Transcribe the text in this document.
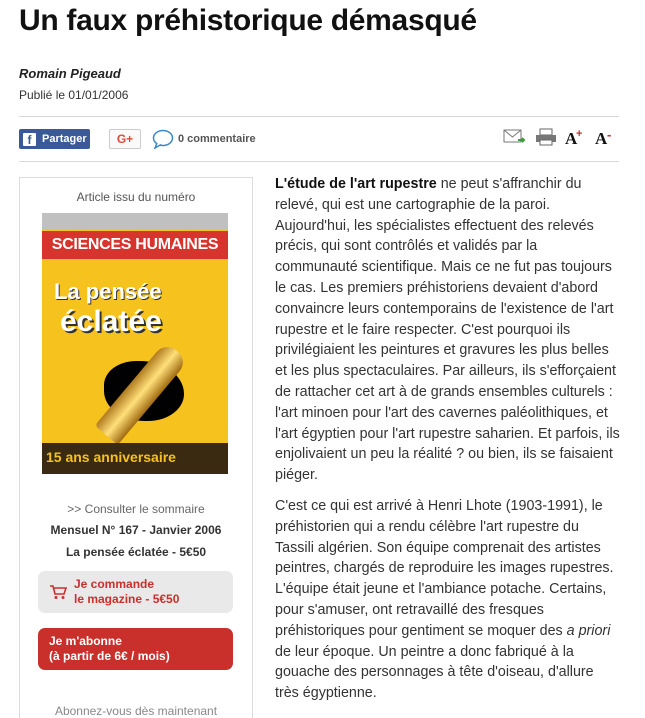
Un faux préhistorique démasqué
Romain Pigeaud
Publié le 01/01/2006
f Partager	G+	0 commentaire	A
+ A -
Article issu du numéro
SCIENCES HUMAINES
La pensée
éclatée
15 ans anniversaire
>> Consulter le sommaire
Mensuel N° 167 - Janvier 2006
La pensée éclatée - 5€50
Je commande
le magazine - 5€50
Je m'abonne
(à partir de 6€ / mois)
Abonnez-vous dès maintenant

L'étude de l'art rupestre ne peut s'affranchir du relevé, qui est une cartographie de la paroi. Aujourd'hui, les spécialistes effectuent des relevés précis, qui sont contrôlés et validés par la communauté scientifique. Mais ce ne fut pas toujours le cas. Les premiers préhistoriens devaient d'abord convaincre leurs contemporains de l'existence de l'art rupestre et le faire respecter. C'est pourquoi ils privilégiaient les peintures et gravures les plus belles et les plus spectaculaires. Par ailleurs, ils s'efforçaient de rattacher cet art à de grands ensembles culturels : l'art minoen pour l'art des cavernes paléolithiques, et l'art égyptien pour l'art rupestre saharien. Et parfois, ils enjolivaient un peu la réalité ? ou bien, ils se faisaient piéger.

C'est ce qui est arrivé à Henri Lhote (1903-1991), le préhistorien qui a rendu célèbre l'art rupestre du Tassili algérien. Son équipe comprenait des artistes peintres, chargés de reproduire les images rupestres. L'équipe était jeune et l'ambiance potache. Certains, pour s'amuser, ont retravaillé des fresques préhistoriques pour gentiment se moquer des a priori de leur époque. Un peintre a donc fabriqué à la gouache des personnages à tête d'oiseau, d'allure très égyptienne.
